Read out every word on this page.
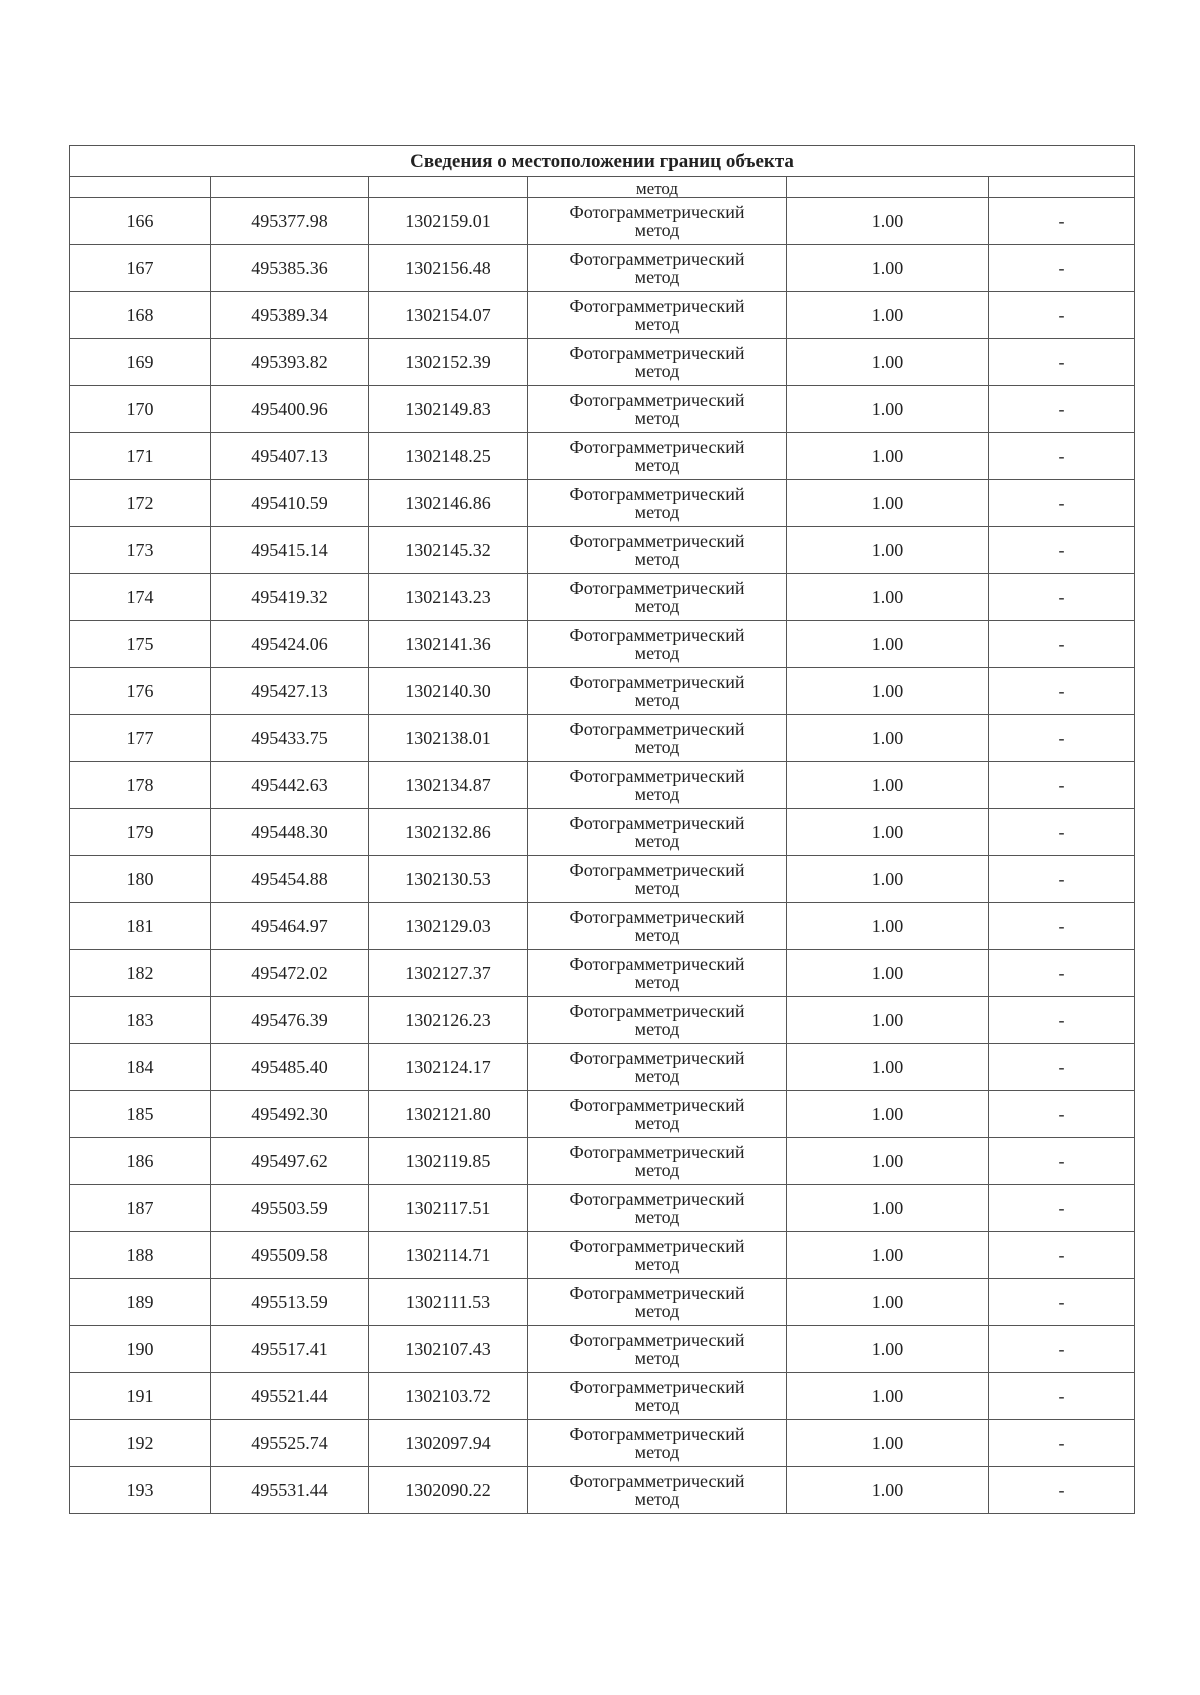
Сведения о местоположении границ объекта					
			метод		
166	495377.98	1302159.01	Фотограмметрический
метод	1.00	-
167	495385.36	1302156.48	Фотограмметрический
метод	1.00	-
168	495389.34	1302154.07	Фотограмметрический
метод	1.00	-
169	495393.82	1302152.39	Фотограмметрический
метод	1.00	-
170	495400.96	1302149.83	Фотограмметрический
метод	1.00	-
171	495407.13	1302148.25	Фотограмметрический
метод	1.00	-
172	495410.59	1302146.86	Фотограмметрический
метод	1.00	-
173	495415.14	1302145.32	Фотограмметрический
метод	1.00	-
174	495419.32	1302143.23	Фотограмметрический
метод	1.00	-
175	495424.06	1302141.36	Фотограмметрический
метод	1.00	-
176	495427.13	1302140.30	Фотограмметрический
метод	1.00	-
177	495433.75	1302138.01	Фотограмметрический
метод	1.00	-
178	495442.63	1302134.87	Фотограмметрический
метод	1.00	-
179	495448.30	1302132.86	Фотограмметрический
метод	1.00	-
180	495454.88	1302130.53	Фотограмметрический
метод	1.00	-
181	495464.97	1302129.03	Фотограмметрический
метод	1.00	-
182	495472.02	1302127.37	Фотограмметрический
метод	1.00	-
183	495476.39	1302126.23	Фотограмметрический
метод	1.00	-
184	495485.40	1302124.17	Фотограмметрический
метод	1.00	-
185	495492.30	1302121.80	Фотограмметрический
метод	1.00	-
186	495497.62	1302119.85	Фотограмметрический
метод	1.00	-
187	495503.59	1302117.51	Фотограмметрический
метод	1.00	-
188	495509.58	1302114.71	Фотограмметрический
метод	1.00	-
189	495513.59	1302111.53	Фотограмметрический
метод	1.00	-
190	495517.41	1302107.43	Фотограмметрический
метод	1.00	-
191	495521.44	1302103.72	Фотограмметрический
метод	1.00	-
192	495525.74	1302097.94	Фотограмметрический
метод	1.00	-
193	495531.44	1302090.22	Фотограмметрический
метод	1.00	-
